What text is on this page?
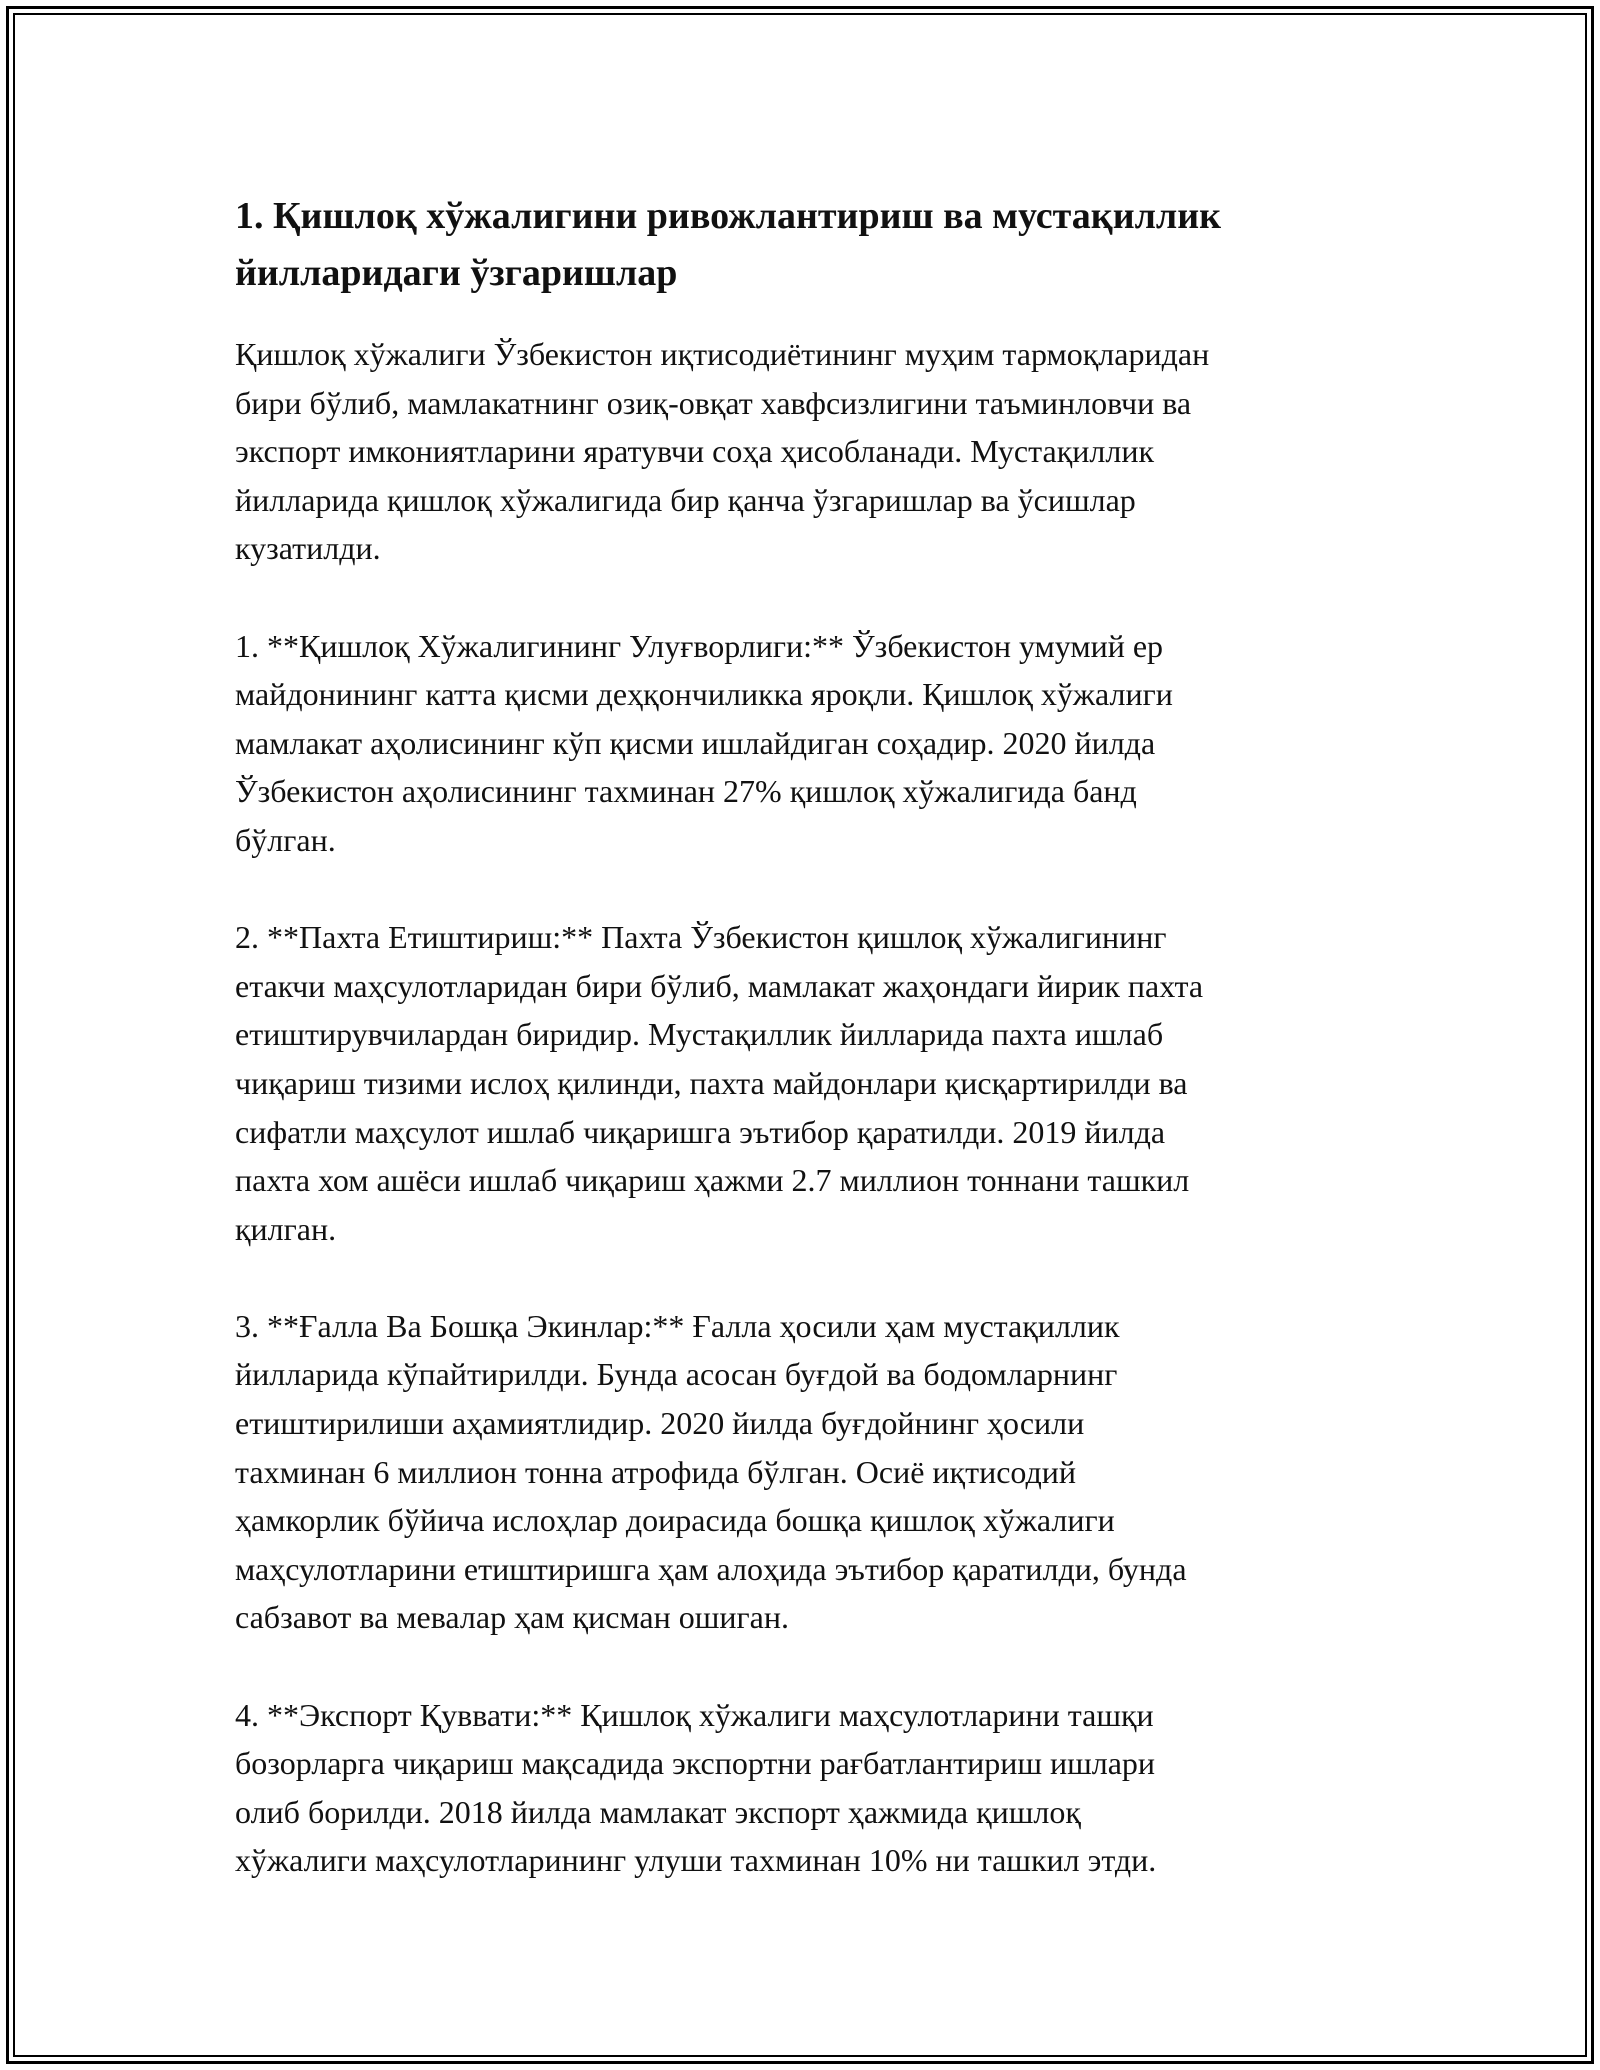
1. Қишлоқ хўжалигини ривожлантириш ва мустақиллик йилларидаги ўзгаришлар

Қишлоқ хўжалиги Ўзбекистон иқтисодиётининг муҳим тармоқларидан
бири бўлиб, мамлакатнинг озиқ-овқат хавфсизлигини таъминловчи ва
экспорт имкониятларини яратувчи соҳа ҳисобланади. Мустақиллик
йилларида қишлоқ хўжалигида бир қанча ўзгаришлар ва ўсишлар
кузатилди.

1. **Қишлоқ Хўжалигининг Улуғворлиги:** Ўзбекистон умумий ер
майдонининг катта қисми деҳқончиликка яроқли. Қишлоқ хўжалиги
мамлакат аҳолисининг кўп қисми ишлайдиган соҳадир. 2020 йилда
Ўзбекистон аҳолисининг тахминан 27% қишлоқ хўжалигида банд
бўлган.

2. **Пахта Етиштириш:** Пахта Ўзбекистон қишлоқ хўжалигининг
етакчи маҳсулотларидан бири бўлиб, мамлакат жаҳондаги йирик пахта
етиштирувчилардан биридир. Мустақиллик йилларида пахта ишлаб
чиқариш тизими ислоҳ қилинди, пахта майдонлари қисқартирилди ва
сифатли маҳсулот ишлаб чиқаришга эътибор қаратилди. 2019 йилда
пахта хом ашёси ишлаб чиқариш ҳажми 2.7 миллион тоннани ташкил
қилган.

3. **Ғалла Ва Бошқа Экинлар:** Ғалла ҳосили ҳам мустақиллик
йилларида кўпайтирилди. Бунда асосан буғдой ва бодомларнинг
етиштирилиши аҳамиятлидир. 2020 йилда буғдойнинг ҳосили
тахминан 6 миллион тонна атрофида бўлган. Осиё иқтисодий
ҳамкорлик бўйича ислоҳлар доирасида бошқа қишлоқ хўжалиги
маҳсулотларини етиштиришга ҳам алоҳида эътибор қаратилди, бунда
сабзавот ва мевалар ҳам қисман ошиган.

4. **Экспорт Қуввати:** Қишлоқ хўжалиги маҳсулотларини ташқи
бозорларга чиқариш мақсадида экспортни рағбатлантириш ишлари
олиб борилди. 2018 йилда мамлакат экспорт ҳажмида қишлоқ
хўжалиги маҳсулотларининг улуши тахминан 10% ни ташкил этди.
